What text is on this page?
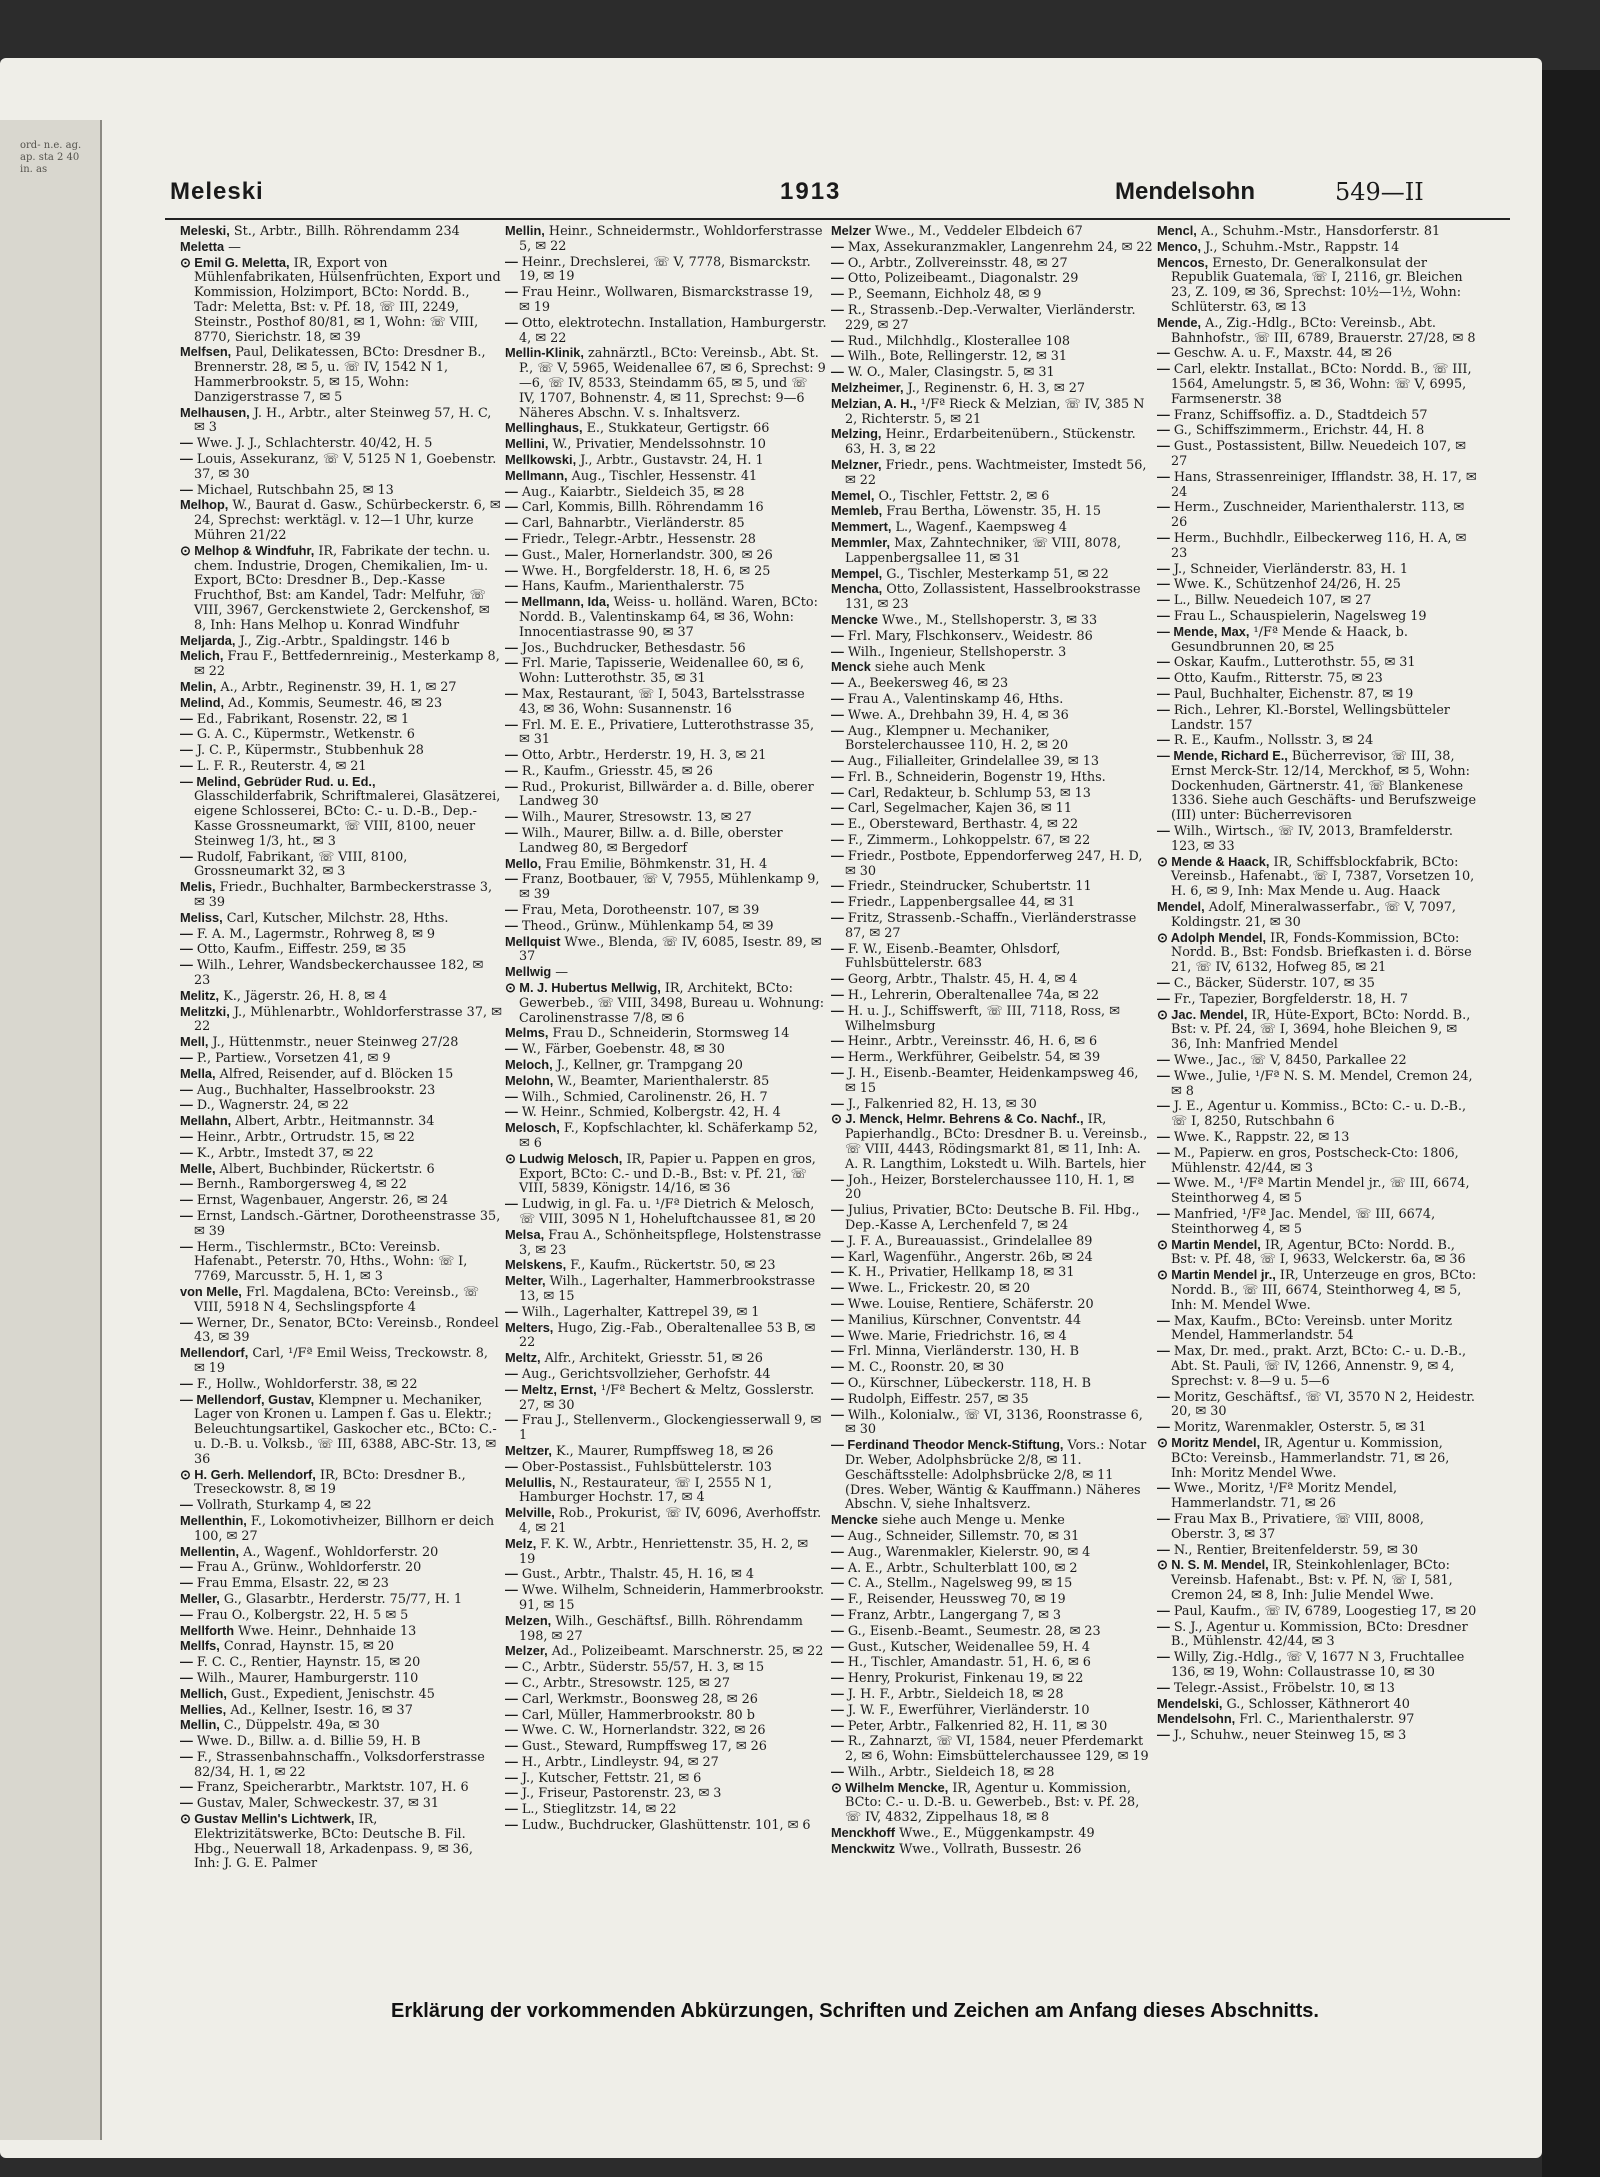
ord- n.e. ag. ap. sta 2 40 in. as
Meleski	1913	Mendelsohn	549—II

Meleski, St., Arbtr., Billh. Röhrendamm 234

Meletta —

⊙ Emil G. Meletta, IR, Export von Mühlenfabrikaten, Hülsenfrüchten, Export und Kommission, Holzimport, BCto: Nordd. B., Tadr: Meletta, Bst: v. Pf. 18, ☏ III, 2249, Steinstr., Posthof 80/81, ✉ 1, Wohn: ☏ VIII, 8770, Sierichstr. 18, ✉ 39

Melfsen, Paul, Delikatessen, BCto: Dresdner B., Brennerstr. 28, ✉ 5, u. ☏ IV, 1542 N 1, Hammerbrookstr. 5, ✉ 15, Wohn: Danzigerstrasse 7, ✉ 5

Melhausen, J. H., Arbtr., alter Steinweg 57, H. C, ✉ 3

— Wwe. J. J., Schlachterstr. 40/42, H. 5

— Louis, Assekuranz, ☏ V, 5125 N 1, Goebenstr. 37, ✉ 30

— Michael, Rutschbahn 25, ✉ 13

Melhop, W., Baurat d. Gasw., Schürbeckerstr. 6, ✉ 24, Sprechst: werktägl. v. 12—1 Uhr, kurze Mühren 21/22

⊙ Melhop & Windfuhr, IR, Fabrikate der techn. u. chem. Industrie, Drogen, Chemikalien, Im- u. Export, BCto: Dresdner B., Dep.-Kasse Fruchthof, Bst: am Kandel, Tadr: Melfuhr, ☏ VIII, 3967, Gerckenstwiete 2, Gerckenshof, ✉ 8, Inh: Hans Melhop u. Konrad Windfuhr

Meljarda, J., Zig.-Arbtr., Spaldingstr. 146 b

Melich, Frau F., Bettfedernreinig., Mesterkamp 8, ✉ 22

Melin, A., Arbtr., Reginenstr. 39, H. 1, ✉ 27

Melind, Ad., Kommis, Seumestr. 46, ✉ 23

— Ed., Fabrikant, Rosenstr. 22, ✉ 1

— G. A. C., Küpermstr., Wetkenstr. 6

— J. C. P., Küpermstr., Stubbenhuk 28

— L. F. R., Reuterstr. 4, ✉ 21

— Melind, Gebrüder Rud. u. Ed., Glasschilderfabrik, Schriftmalerei, Glasätzerei, eigene Schlosserei, BCto: C.- u. D.-B., Dep.-Kasse Grossneumarkt, ☏ VIII, 8100, neuer Steinweg 1/3, ht., ✉ 3

— Rudolf, Fabrikant, ☏ VIII, 8100, Grossneumarkt 32, ✉ 3

Melis, Friedr., Buchhalter, Barmbeckerstrasse 3, ✉ 39

Meliss, Carl, Kutscher, Milchstr. 28, Hths.

— F. A. M., Lagermstr., Rohrweg 8, ✉ 9

— Otto, Kaufm., Eiffestr. 259, ✉ 35

— Wilh., Lehrer, Wandsbeckerchaussee 182, ✉ 23

Melitz, K., Jägerstr. 26, H. 8, ✉ 4

Melitzki, J., Mühlenarbtr., Wohldorferstrasse 37, ✉ 22

Mell, J., Hüttenmstr., neuer Steinweg 27/28

— P., Partiew., Vorsetzen 41, ✉ 9

Mella, Alfred, Reisender, auf d. Blöcken 15

— Aug., Buchhalter, Hasselbrookstr. 23

— D., Wagnerstr. 24, ✉ 22

Mellahn, Albert, Arbtr., Heitmannstr. 34

— Heinr., Arbtr., Ortrudstr. 15, ✉ 22

— K., Arbtr., Imstedt 37, ✉ 22

Melle, Albert, Buchbinder, Rückertstr. 6

— Bernh., Ramborgersweg 4, ✉ 22

— Ernst, Wagenbauer, Angerstr. 26, ✉ 24

— Ernst, Landsch.-Gärtner, Dorotheenstrasse 35, ✉ 39

— Herm., Tischlermstr., BCto: Vereinsb. Hafenabt., Peterstr. 70, Hths., Wohn: ☏ I, 7769, Marcusstr. 5, H. 1, ✉ 3

von Melle, Frl. Magdalena, BCto: Vereinsb., ☏ VIII, 5918 N 4, Sechslingspforte 4

— Werner, Dr., Senator, BCto: Vereinsb., Rondeel 43, ✉ 39

Mellendorf, Carl, ¹/Fª Emil Weiss, Treckowstr. 8, ✉ 19

— F., Hollw., Wohldorferstr. 38, ✉ 22

— Mellendorf, Gustav, Klempner u. Mechaniker, Lager von Kronen u. Lampen f. Gas u. Elektr.; Beleuchtungsartikel, Gaskocher etc., BCto: C.- u. D.-B. u. Volksb., ☏ III, 6388, ABC-Str. 13, ✉ 36

⊙ H. Gerh. Mellendorf, IR, BCto: Dresdner B., Treseckowstr. 8, ✉ 19

— Vollrath, Sturkamp 4, ✉ 22

Mellenthin, F., Lokomotivheizer, Billhorn er deich 100, ✉ 27

Mellentin, A., Wagenf., Wohldorferstr. 20

— Frau A., Grünw., Wohldorferstr. 20

— Frau Emma, Elsastr. 22, ✉ 23

Meller, G., Glasarbtr., Herderstr. 75/77, H. 1

— Frau O., Kolbergstr. 22, H. 5 ✉ 5

Mellforth Wwe. Heinr., Dehnhaide 13

Mellfs, Conrad, Haynstr. 15, ✉ 20

— F. C. C., Rentier, Haynstr. 15, ✉ 20

— Wilh., Maurer, Hamburgerstr. 110

Mellich, Gust., Expedient, Jenischstr. 45

Mellies, Ad., Kellner, Isestr. 16, ✉ 37

Mellin, C., Düppelstr. 49a, ✉ 30

— Wwe. D., Billw. a. d. Billie 59, H. B

— F., Strassenbahnschaffn., Volksdorferstrasse 82/34, H. 1, ✉ 22

— Franz, Speicherarbtr., Marktstr. 107, H. 6

— Gustav, Maler, Schweckestr. 37, ✉ 31

⊙ Gustav Mellin's Lichtwerk, IR, Elektrizitätswerke, BCto: Deutsche B. Fil. Hbg., Neuerwall 18, Arkadenpass. 9, ✉ 36, Inh: J. G. E. Palmer

Mellin, Heinr., Schneidermstr., Wohldorferstrasse 5, ✉ 22

— Heinr., Drechslerei, ☏ V, 7778, Bismarckstr. 19, ✉ 19

— Frau Heinr., Wollwaren, Bismarckstrasse 19, ✉ 19

— Otto, elektrotechn. Installation, Hamburgerstr. 4, ✉ 22

Mellin-Klinik, zahnärztl., BCto: Vereinsb., Abt. St. P., ☏ V, 5965, Weidenallee 67, ✉ 6, Sprechst: 9—6, ☏ IV, 8533, Steindamm 65, ✉ 5, und ☏ IV, 1707, Bohnenstr. 4, ✉ 11, Sprechst: 9—6 Näheres Abschn. V. s. Inhaltsverz.

Mellinghaus, E., Stukkateur, Gertigstr. 66

Mellini, W., Privatier, Mendelssohnstr. 10

Mellkowski, J., Arbtr., Gustavstr. 24, H. 1

Mellmann, Aug., Tischler, Hessenstr. 41

— Aug., Kaiarbtr., Sieldeich 35, ✉ 28

— Carl, Kommis, Billh. Röhrendamm 16

— Carl, Bahnarbtr., Vierländerstr. 85

— Friedr., Telegr.-Arbtr., Hessenstr. 28

— Gust., Maler, Hornerlandstr. 300, ✉ 26

— Wwe. H., Borgfelderstr. 18, H. 6, ✉ 25

— Hans, Kaufm., Marienthalerstr. 75

— Mellmann, Ida, Weiss- u. holländ. Waren, BCto: Nordd. B., Valentinskamp 64, ✉ 36, Wohn: Innocentiastrasse 90, ✉ 37

— Jos., Buchdrucker, Bethesdastr. 56

— Frl. Marie, Tapisserie, Weidenallee 60, ✉ 6, Wohn: Lutterothstr. 35, ✉ 31

— Max, Restaurant, ☏ I, 5043, Bartelsstrasse 43, ✉ 36, Wohn: Susannenstr. 16

— Frl. M. E. E., Privatiere, Lutterothstrasse 35, ✉ 31

— Otto, Arbtr., Herderstr. 19, H. 3, ✉ 21

— R., Kaufm., Griesstr. 45, ✉ 26

— Rud., Prokurist, Billwärder a. d. Bille, oberer Landweg 30

— Wilh., Maurer, Stresowstr. 13, ✉ 27

— Wilh., Maurer, Billw. a. d. Bille, oberster Landweg 80, ✉ Bergedorf

Mello, Frau Emilie, Böhmkenstr. 31, H. 4

— Franz, Bootbauer, ☏ V, 7955, Mühlenkamp 9, ✉ 39

— Frau, Meta, Dorotheenstr. 107, ✉ 39

— Theod., Grünw., Mühlenkamp 54, ✉ 39

Mellquist Wwe., Blenda, ☏ IV, 6085, Isestr. 89, ✉ 37

Mellwig —

⊙ M. J. Hubertus Mellwig, IR, Architekt, BCto: Gewerbeb., ☏ VIII, 3498, Bureau u. Wohnung: Carolinenstrasse 7/8, ✉ 6

Melms, Frau D., Schneiderin, Stormsweg 14

— W., Färber, Goebenstr. 48, ✉ 30

Meloch, J., Kellner, gr. Trampgang 20

Melohn, W., Beamter, Marienthalerstr. 85

— Wilh., Schmied, Carolinenstr. 26, H. 7

— W. Heinr., Schmied, Kolbergstr. 42, H. 4

Melosch, F., Kopfschlachter, kl. Schäferkamp 52, ✉ 6

⊙ Ludwig Melosch, IR, Papier u. Pappen en gros, Export, BCto: C.- und D.-B., Bst: v. Pf. 21, ☏ VIII, 5839, Königstr. 14/16, ✉ 36

— Ludwig, in gl. Fa. u. ¹/Fª Dietrich & Melosch, ☏ VIII, 3095 N 1, Hoheluftchaussee 81, ✉ 20

Melsa, Frau A., Schönheitspflege, Holstenstrasse 3, ✉ 23

Melskens, F., Kaufm., Rückertstr. 50, ✉ 23

Melter, Wilh., Lagerhalter, Hammerbrookstrasse 13, ✉ 15

— Wilh., Lagerhalter, Kattrepel 39, ✉ 1

Melters, Hugo, Zig.-Fab., Oberaltenallee 53 B, ✉ 22

Meltz, Alfr., Architekt, Griesstr. 51, ✉ 26

— Aug., Gerichtsvollzieher, Gerhofstr. 44

— Meltz, Ernst, ¹/Fª Bechert & Meltz, Gosslerstr. 27, ✉ 30

— Frau J., Stellenverm., Glockengiesserwall 9, ✉ 1

Meltzer, K., Maurer, Rumpffsweg 18, ✉ 26

— Ober-Postassist., Fuhlsbüttelerstr. 103

Melullis, N., Restaurateur, ☏ I, 2555 N 1, Hamburger Hochstr. 17, ✉ 4

Melville, Rob., Prokurist, ☏ IV, 6096, Averhoffstr. 4, ✉ 21

Melz, F. K. W., Arbtr., Henriettenstr. 35, H. 2, ✉ 19

— Gust., Arbtr., Thalstr. 45, H. 16, ✉ 4

— Wwe. Wilhelm, Schneiderin, Hammerbrookstr. 91, ✉ 15

Melzen, Wilh., Geschäftsf., Billh. Röhrendamm 198, ✉ 27

Melzer, Ad., Polizeibeamt. Marschnerstr. 25, ✉ 22

— C., Arbtr., Süderstr. 55/57, H. 3, ✉ 15

— C., Arbtr., Stresowstr. 125, ✉ 27

— Carl, Werkmstr., Boonsweg 28, ✉ 26

— Carl, Müller, Hammerbrookstr. 80 b

— Wwe. C. W., Hornerlandstr. 322, ✉ 26

— Gust., Steward, Rumpffsweg 17, ✉ 26

— H., Arbtr., Lindleystr. 94, ✉ 27

— J., Kutscher, Fettstr. 21, ✉ 6

— J., Friseur, Pastorenstr. 23, ✉ 3

— L., Stieglitzstr. 14, ✉ 22

— Ludw., Buchdrucker, Glashüttenstr. 101, ✉ 6

Melzer Wwe., M., Veddeler Elbdeich 67

— Max, Assekuranzmakler, Langenrehm 24, ✉ 22

— O., Arbtr., Zollvereinsstr. 48, ✉ 27

— Otto, Polizeibeamt., Diagonalstr. 29

— P., Seemann, Eichholz 48, ✉ 9

— R., Strassenb.-Dep.-Verwalter, Vierländerstr. 229, ✉ 27

— Rud., Milchhdlg., Klosterallee 108

— Wilh., Bote, Rellingerstr. 12, ✉ 31

— W. O., Maler, Clasingstr. 5, ✉ 31

Melzheimer, J., Reginenstr. 6, H. 3, ✉ 27

Melzian, A. H., ¹/Fª Rieck & Melzian, ☏ IV, 385 N 2, Richterstr. 5, ✉ 21

Melzing, Heinr., Erdarbeitenübern., Stückenstr. 63, H. 3, ✉ 22

Melzner, Friedr., pens. Wachtmeister, Imstedt 56, ✉ 22

Memel, O., Tischler, Fettstr. 2, ✉ 6

Memleb, Frau Bertha, Löwenstr. 35, H. 15

Memmert, L., Wagenf., Kaempsweg 4

Memmler, Max, Zahntechniker, ☏ VIII, 8078, Lappenbergsallee 11, ✉ 31

Mempel, G., Tischler, Mesterkamp 51, ✉ 22

Mencha, Otto, Zollassistent, Hasselbrookstrasse 131, ✉ 23

Mencke Wwe., M., Stellshoperstr. 3, ✉ 33

— Frl. Mary, Flschkonserv., Weidestr. 86

— Wilh., Ingenieur, Stellshoperstr. 3

Menck siehe auch Menk

— A., Beekersweg 46, ✉ 23

— Frau A., Valentinskamp 46, Hths.

— Wwe. A., Drehbahn 39, H. 4, ✉ 36

— Aug., Klempner u. Mechaniker, Borstelerchaussee 110, H. 2, ✉ 20

— Aug., Filialleiter, Grindelallee 39, ✉ 13

— Frl. B., Schneiderin, Bogenstr 19, Hths.

— Carl, Redakteur, b. Schlump 53, ✉ 13

— Carl, Segelmacher, Kajen 36, ✉ 11

— E., Obersteward, Berthastr. 4, ✉ 22

— F., Zimmerm., Lohkoppelstr. 67, ✉ 22

— Friedr., Postbote, Eppendorferweg 247, H. D, ✉ 30

— Friedr., Steindrucker, Schubertstr. 11

— Friedr., Lappenbergsallee 44, ✉ 31

— Fritz, Strassenb.-Schaffn., Vierländerstrasse 87, ✉ 27

— F. W., Eisenb.-Beamter, Ohlsdorf, Fuhlsbüttelerstr. 683

— Georg, Arbtr., Thalstr. 45, H. 4, ✉ 4

— H., Lehrerin, Oberaltenallee 74a, ✉ 22

— H. u. J., Schiffswerft, ☏ III, 7118, Ross, ✉ Wilhelmsburg

— Heinr., Arbtr., Vereinsstr. 46, H. 6, ✉ 6

— Herm., Werkführer, Geibelstr. 54, ✉ 39

— J. H., Eisenb.-Beamter, Heidenkampsweg 46, ✉ 15

— J., Falkenried 82, H. 13, ✉ 30

⊙ J. Menck, Helmr. Behrens & Co. Nachf., IR, Papierhandlg., BCto: Dresdner B. u. Vereinsb., ☏ VIII, 4443, Rödingsmarkt 81, ✉ 11, Inh: A. A. R. Langthim, Lokstedt u. Wilh. Bartels, hier

— Joh., Heizer, Borstelerchaussee 110, H. 1, ✉ 20

— Julius, Privatier, BCto: Deutsche B. Fil. Hbg., Dep.-Kasse A, Lerchenfeld 7, ✉ 24

— J. F. A., Bureauassist., Grindelallee 89

— Karl, Wagenführ., Angerstr. 26b, ✉ 24

— K. H., Privatier, Hellkamp 18, ✉ 31

— Wwe. L., Frickestr. 20, ✉ 20

— Wwe. Louise, Rentiere, Schäferstr. 20

— Manilius, Kürschner, Conventstr. 44

— Wwe. Marie, Friedrichstr. 16, ✉ 4

— Frl. Minna, Vierländerstr. 130, H. B

— M. C., Roonstr. 20, ✉ 30

— O., Kürschner, Lübeckerstr. 118, H. B

— Rudolph, Eiffestr. 257, ✉ 35

— Wilh., Kolonialw., ☏ VI, 3136, Roonstrasse 6, ✉ 30

— Ferdinand Theodor Menck-Stiftung, Vors.: Notar Dr. Weber, Adolphsbrücke 2/8, ✉ 11. Geschäftsstelle: Adolphsbrücke 2/8, ✉ 11 (Dres. Weber, Wäntig & Kauffmann.) Näheres Abschn. V, siehe Inhaltsverz.

Mencke siehe auch Menge u. Menke

— Aug., Schneider, Sillemstr. 70, ✉ 31

— Aug., Warenmakler, Kielerstr. 90, ✉ 4

— A. E., Arbtr., Schulterblatt 100, ✉ 2

— C. A., Stellm., Nagelsweg 99, ✉ 15

— F., Reisender, Heussweg 70, ✉ 19

— Franz, Arbtr., Langergang 7, ✉ 3

— G., Eisenb.-Beamt., Seumestr. 28, ✉ 23

— Gust., Kutscher, Weidenallee 59, H. 4

— H., Tischler, Amandastr. 51, H. 6, ✉ 6

— Henry, Prokurist, Finkenau 19, ✉ 22

— J. H. F., Arbtr., Sieldeich 18, ✉ 28

— J. W. F., Ewerführer, Vierländerstr. 10

— Peter, Arbtr., Falkenried 82, H. 11, ✉ 30

— R., Zahnarzt, ☏ VI, 1584, neuer Pferdemarkt 2, ✉ 6, Wohn: Eimsbüttelerchaussee 129, ✉ 19

— Wilh., Arbtr., Sieldeich 18, ✉ 28

⊙ Wilhelm Mencke, IR, Agentur u. Kommission, BCto: C.- u. D.-B. u. Gewerbeb., Bst: v. Pf. 28, ☏ IV, 4832, Zippelhaus 18, ✉ 8

Menckhoff Wwe., E., Müggenkampstr. 49

Menckwitz Wwe., Vollrath, Bussestr. 26

Mencl, A., Schuhm.-Mstr., Hansdorferstr. 81

Menco, J., Schuhm.-Mstr., Rappstr. 14

Mencos, Ernesto, Dr. Generalkonsulat der Republik Guatemala, ☏ I, 2116, gr. Bleichen 23, Z. 109, ✉ 36, Sprechst: 10½—1½, Wohn: Schlüterstr. 63, ✉ 13

Mende, A., Zig.-Hdlg., BCto: Vereinsb., Abt. Bahnhofstr., ☏ III, 6789, Brauerstr. 27/28, ✉ 8

— Geschw. A. u. F., Maxstr. 44, ✉ 26

— Carl, elektr. Installat., BCto: Nordd. B., ☏ III, 1564, Amelungstr. 5, ✉ 36, Wohn: ☏ V, 6995, Farmsenerstr. 38

— Franz, Schiffsoffiz. a. D., Stadtdeich 57

— G., Schiffszimmerm., Erichstr. 44, H. 8

— Gust., Postassistent, Billw. Neuedeich 107, ✉ 27

— Hans, Strassenreiniger, Ifflandstr. 38, H. 17, ✉ 24

— Herm., Zuschneider, Marienthalerstr. 113, ✉ 26

— Herm., Buchhdlr., Eilbeckerweg 116, H. A, ✉ 23

— J., Schneider, Vierländerstr. 83, H. 1

— Wwe. K., Schützenhof 24/26, H. 25

— L., Billw. Neuedeich 107, ✉ 27

— Frau L., Schauspielerin, Nagelsweg 19

— Mende, Max, ¹/Fª Mende & Haack, b. Gesundbrunnen 20, ✉ 25

— Oskar, Kaufm., Lutterothstr. 55, ✉ 31

— Otto, Kaufm., Ritterstr. 75, ✉ 23

— Paul, Buchhalter, Eichenstr. 87, ✉ 19

— Rich., Lehrer, Kl.-Borstel, Wellingsbütteler Landstr. 157

— R. E., Kaufm., Nollsstr. 3, ✉ 24

— Mende, Richard E., Bücherrevisor, ☏ III, 38, Ernst Merck-Str. 12/14, Merckhof, ✉ 5, Wohn: Dockenhuden, Gärtnerstr. 41, ☏ Blankenese 1336. Siehe auch Geschäfts- und Berufszweige (III) unter: Bücherrevisoren

— Wilh., Wirtsch., ☏ IV, 2013, Bramfelderstr. 123, ✉ 33

⊙ Mende & Haack, IR, Schiffsblockfabrik, BCto: Vereinsb., Hafenabt., ☏ I, 7387, Vorsetzen 10, H. 6, ✉ 9, Inh: Max Mende u. Aug. Haack

Mendel, Adolf, Mineralwasserfabr., ☏ V, 7097, Koldingstr. 21, ✉ 30

⊙ Adolph Mendel, IR, Fonds-Kommission, BCto: Nordd. B., Bst: Fondsb. Briefkasten i. d. Börse 21, ☏ IV, 6132, Hofweg 85, ✉ 21

— C., Bäcker, Süderstr. 107, ✉ 35

— Fr., Tapezier, Borgfelderstr. 18, H. 7

⊙ Jac. Mendel, IR, Hüte-Export, BCto: Nordd. B., Bst: v. Pf. 24, ☏ I, 3694, hohe Bleichen 9, ✉ 36, Inh: Manfried Mendel

— Wwe., Jac., ☏ V, 8450, Parkallee 22

— Wwe., Julie, ¹/Fª N. S. M. Mendel, Cremon 24, ✉ 8

— J. E., Agentur u. Kommiss., BCto: C.- u. D.-B., ☏ I, 8250, Rutschbahn 6

— Wwe. K., Rappstr. 22, ✉ 13

— M., Papierw. en gros, Postscheck-Cto: 1806, Mühlenstr. 42/44, ✉ 3

— Wwe. M., ¹/Fª Martin Mendel jr., ☏ III, 6674, Steinthorweg 4, ✉ 5

— Manfried, ¹/Fª Jac. Mendel, ☏ III, 6674, Steinthorweg 4, ✉ 5

⊙ Martin Mendel, IR, Agentur, BCto: Nordd. B., Bst: v. Pf. 48, ☏ I, 9633, Welckerstr. 6a, ✉ 36

⊙ Martin Mendel jr., IR, Unterzeuge en gros, BCto: Nordd. B., ☏ III, 6674, Steinthorweg 4, ✉ 5, Inh: M. Mendel Wwe.

— Max, Kaufm., BCto: Vereinsb. unter Moritz Mendel, Hammerlandstr. 54

— Max, Dr. med., prakt. Arzt, BCto: C.- u. D.-B., Abt. St. Pauli, ☏ IV, 1266, Annenstr. 9, ✉ 4, Sprechst: v. 8—9 u. 5—6

— Moritz, Geschäftsf., ☏ VI, 3570 N 2, Heidestr. 20, ✉ 30

— Moritz, Warenmakler, Osterstr. 5, ✉ 31

⊙ Moritz Mendel, IR, Agentur u. Kommission, BCto: Vereinsb., Hammerlandstr. 71, ✉ 26, Inh: Moritz Mendel Wwe.

— Wwe., Moritz, ¹/Fª Moritz Mendel, Hammerlandstr. 71, ✉ 26

— Frau Max B., Privatiere, ☏ VIII, 8008, Oberstr. 3, ✉ 37

— N., Rentier, Breitenfelderstr. 59, ✉ 30

⊙ N. S. M. Mendel, IR, Steinkohlenlager, BCto: Vereinsb. Hafenabt., Bst: v. Pf. N, ☏ I, 581, Cremon 24, ✉ 8, Inh: Julie Mendel Wwe.

— Paul, Kaufm., ☏ IV, 6789, Loogestieg 17, ✉ 20

— S. J., Agentur u. Kommission, BCto: Dresdner B., Mühlenstr. 42/44, ✉ 3

— Willy, Zig.-Hdlg., ☏ V, 1677 N 3, Fruchtallee 136, ✉ 19, Wohn: Collaustrasse 10, ✉ 30

— Telegr.-Assist., Fröbelstr. 10, ✉ 13

Mendelski, G., Schlosser, Käthnerort 40

Mendelsohn, Frl. C., Marienthalerstr. 97

— J., Schuhw., neuer Steinweg 15, ✉ 3

Erklärung der vorkommenden Abkürzungen, Schriften und Zeichen am Anfang dieses Abschnitts.
